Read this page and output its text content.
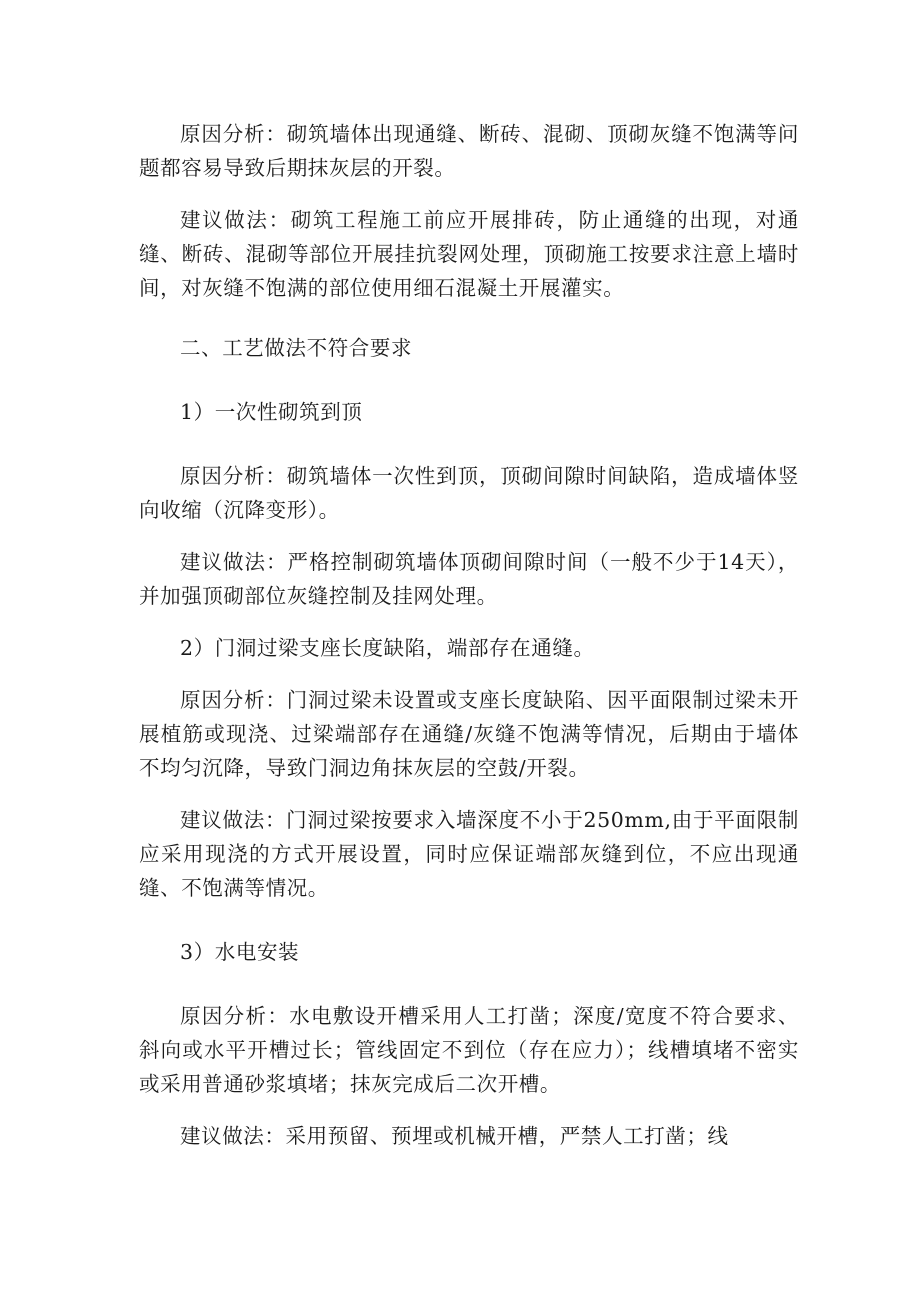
原因分析：砌筑墙体出现通缝、断砖、混砌、顶砌灰缝不饱满等问题都容易导致后期抹灰层的开裂。

建议做法：砌筑工程施工前应开展排砖，防止通缝的出现，对通缝、断砖、混砌等部位开展挂抗裂网处理，顶砌施工按要求注意上墙时间，对灰缝不饱满的部位使用细石混凝土开展灌实。

二、工艺做法不符合要求

1）一次性砌筑到顶

原因分析：砌筑墙体一次性到顶，顶砌间隙时间缺陷，造成墙体竖向收缩（沉降变形）。

建议做法：严格控制砌筑墙体顶砌间隙时间（一般不少于14天），并加强顶砌部位灰缝控制及挂网处理。

2）门洞过梁支座长度缺陷，端部存在通缝。

原因分析：门洞过梁未设置或支座长度缺陷、因平面限制过梁未开展植筋或现浇、过梁端部存在通缝/灰缝不饱满等情况，后期由于墙体不均匀沉降，导致门洞边角抹灰层的空鼓/开裂。

建议做法：门洞过梁按要求入墙深度不小于250mm,由于平面限制应采用现浇的方式开展设置，同时应保证端部灰缝到位，不应出现通缝、不饱满等情况。

3）水电安装

原因分析：水电敷设开槽采用人工打凿；深度/宽度不符合要求、斜向或水平开槽过长；管线固定不到位（存在应力）；线槽填堵不密实或采用普通砂浆填堵；抹灰完成后二次开槽。

建议做法：采用预留、预埋或机械开槽，严禁人工打凿；线
